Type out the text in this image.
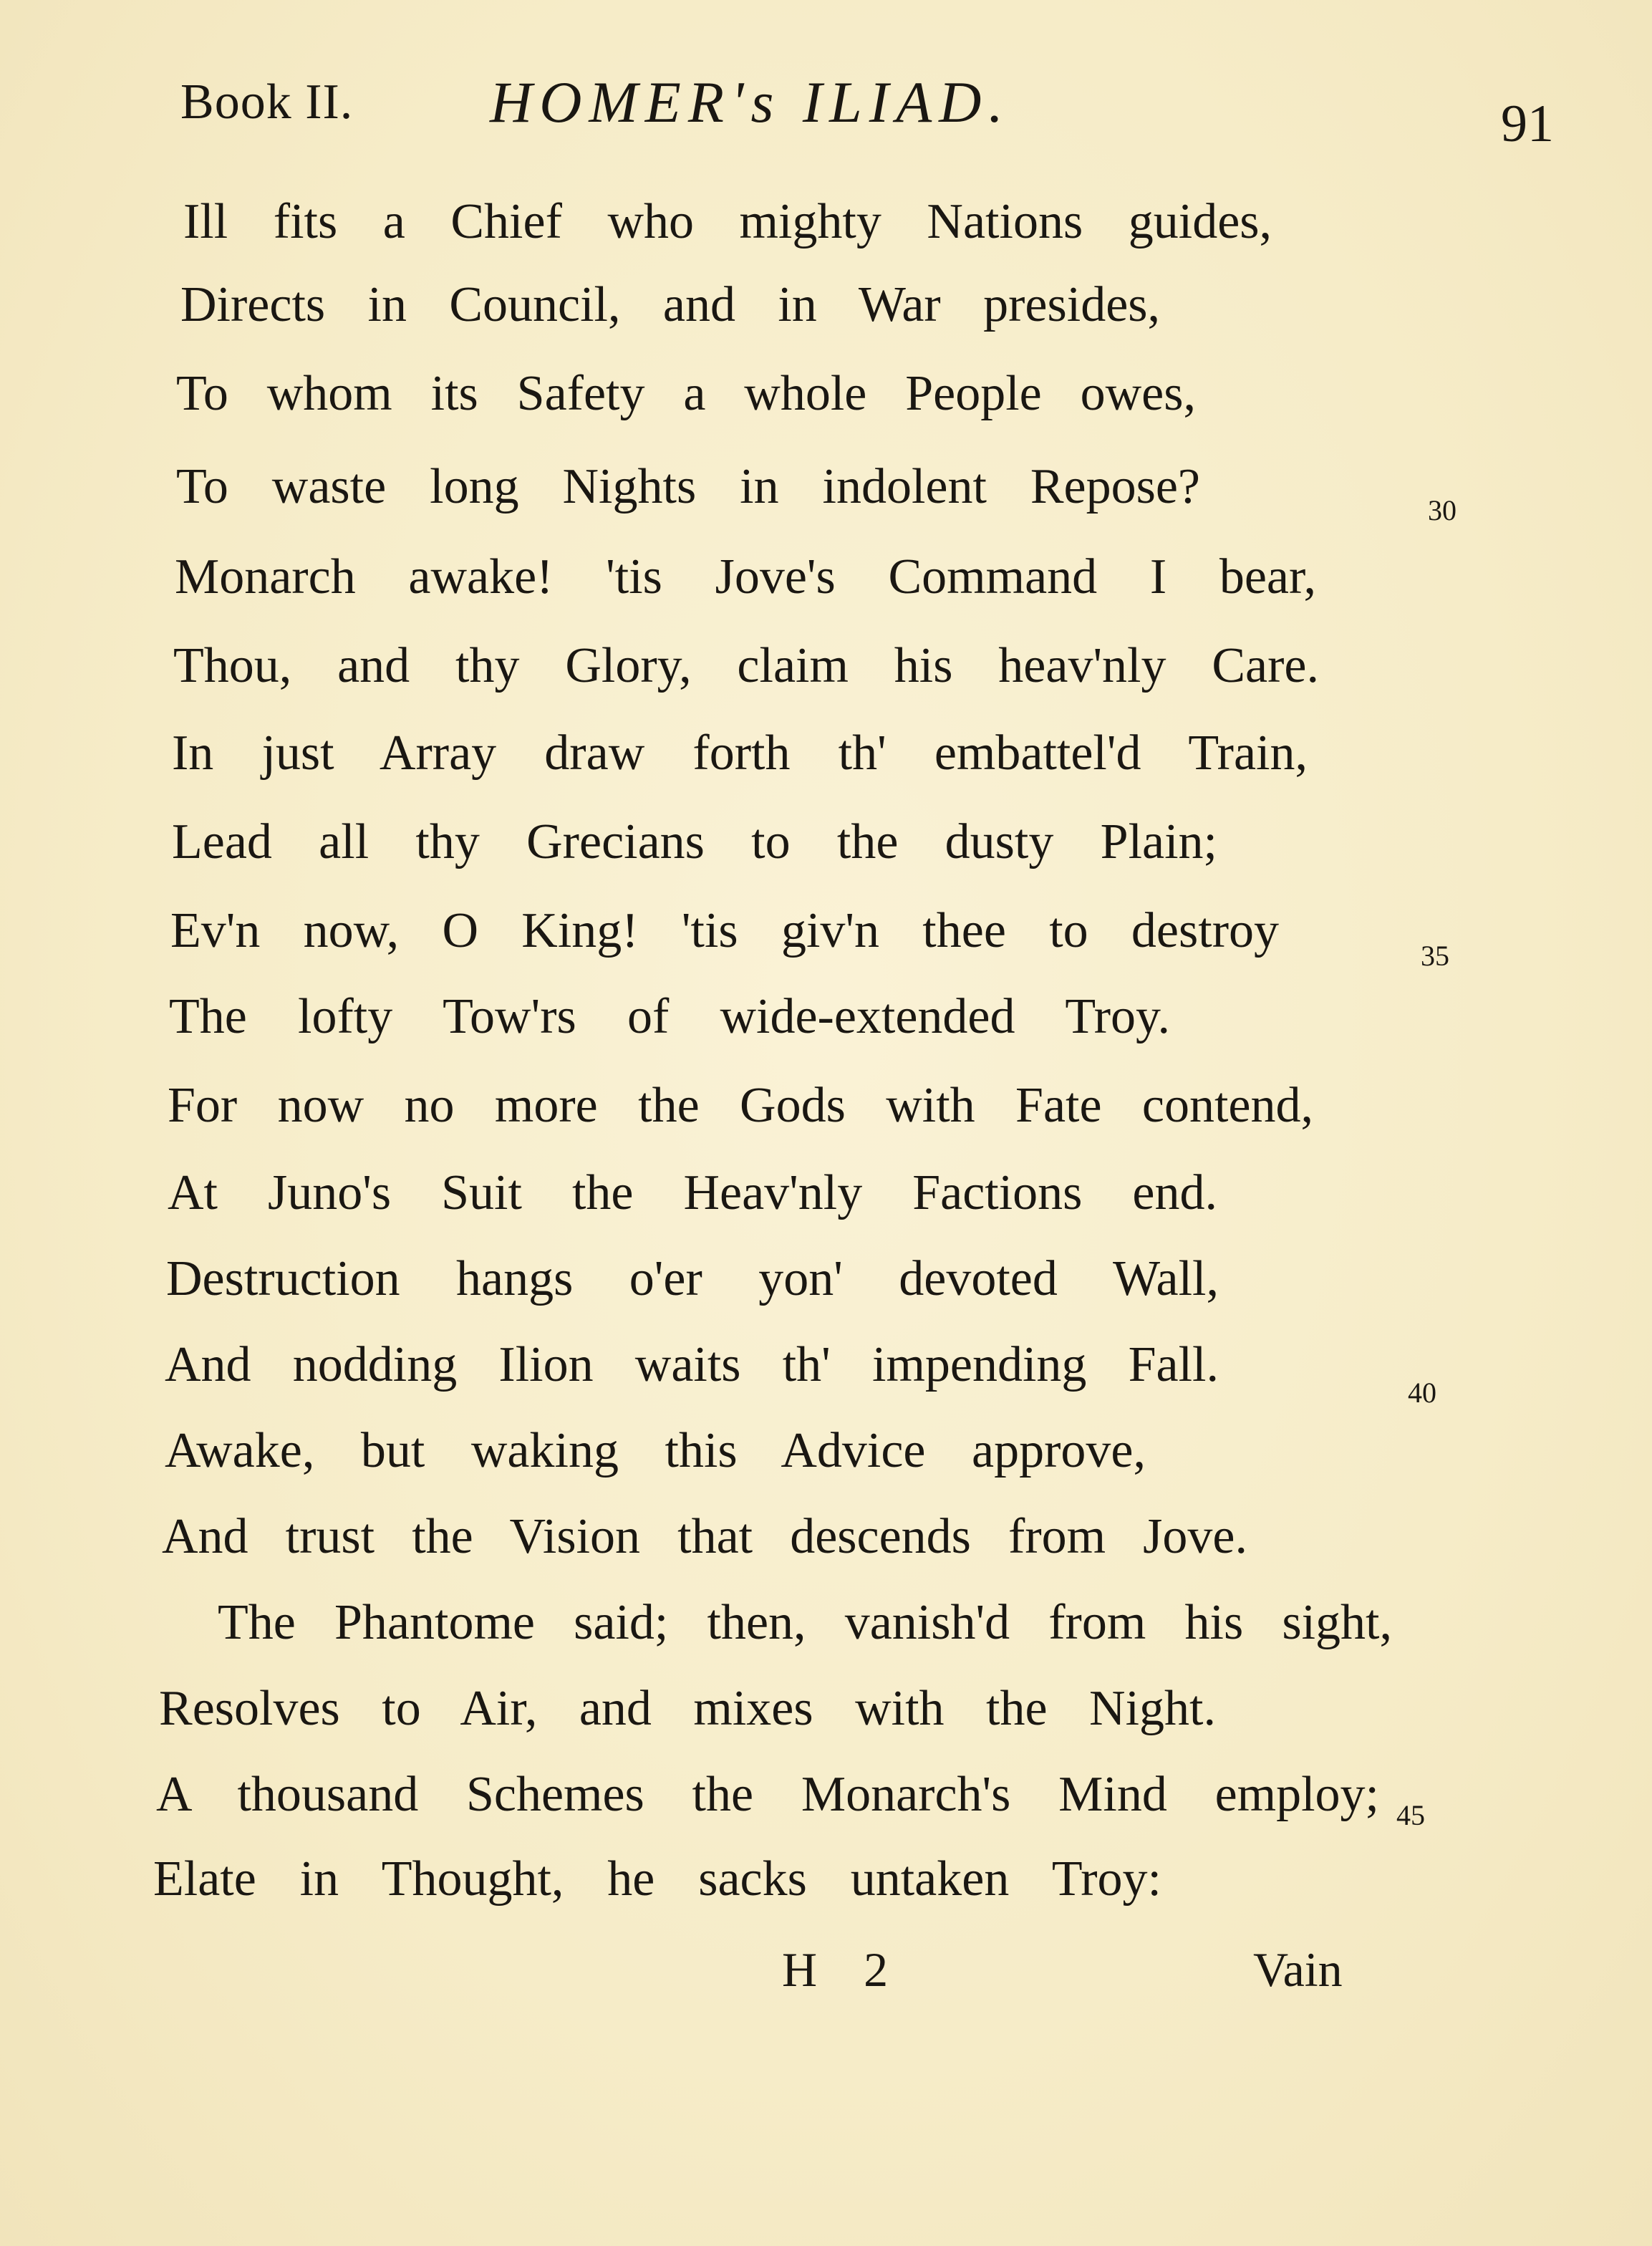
Book II. HOMER's ILIAD.	91
Ill fits a Chief who mighty Nations guides,
Directs in Council, and in War presides,
To whom its Safety a whole People owes,
To waste long Nights in indolent Repose?
Monarch awake! 'tis Jove's Command I bear,
Thou, and thy Glory, claim his heav'nly Care.
In just Array draw forth th' embattel'd Train,
Lead all thy Grecians to the dusty Plain;
Ev'n now, O King! 'tis giv'n thee to destroy
The lofty Tow'rs of wide-extended Troy.
For now no more the Gods with Fate contend,
At Juno's Suit the Heav'nly Factions end.
Destruction hangs o'er yon' devoted Wall,
And nodding Ilion waits th' impending Fall.
Awake, but waking this Advice approve,
And trust the Vision that descends from Jove.
The Phantome said; then, vanish'd from his sight,
Resolves to Air, and mixes with the Night.
A thousand Schemes the Monarch's Mind employ;
Elate in Thought, he sacks untaken Troy:
30
35
40
45
H 2	Vain
